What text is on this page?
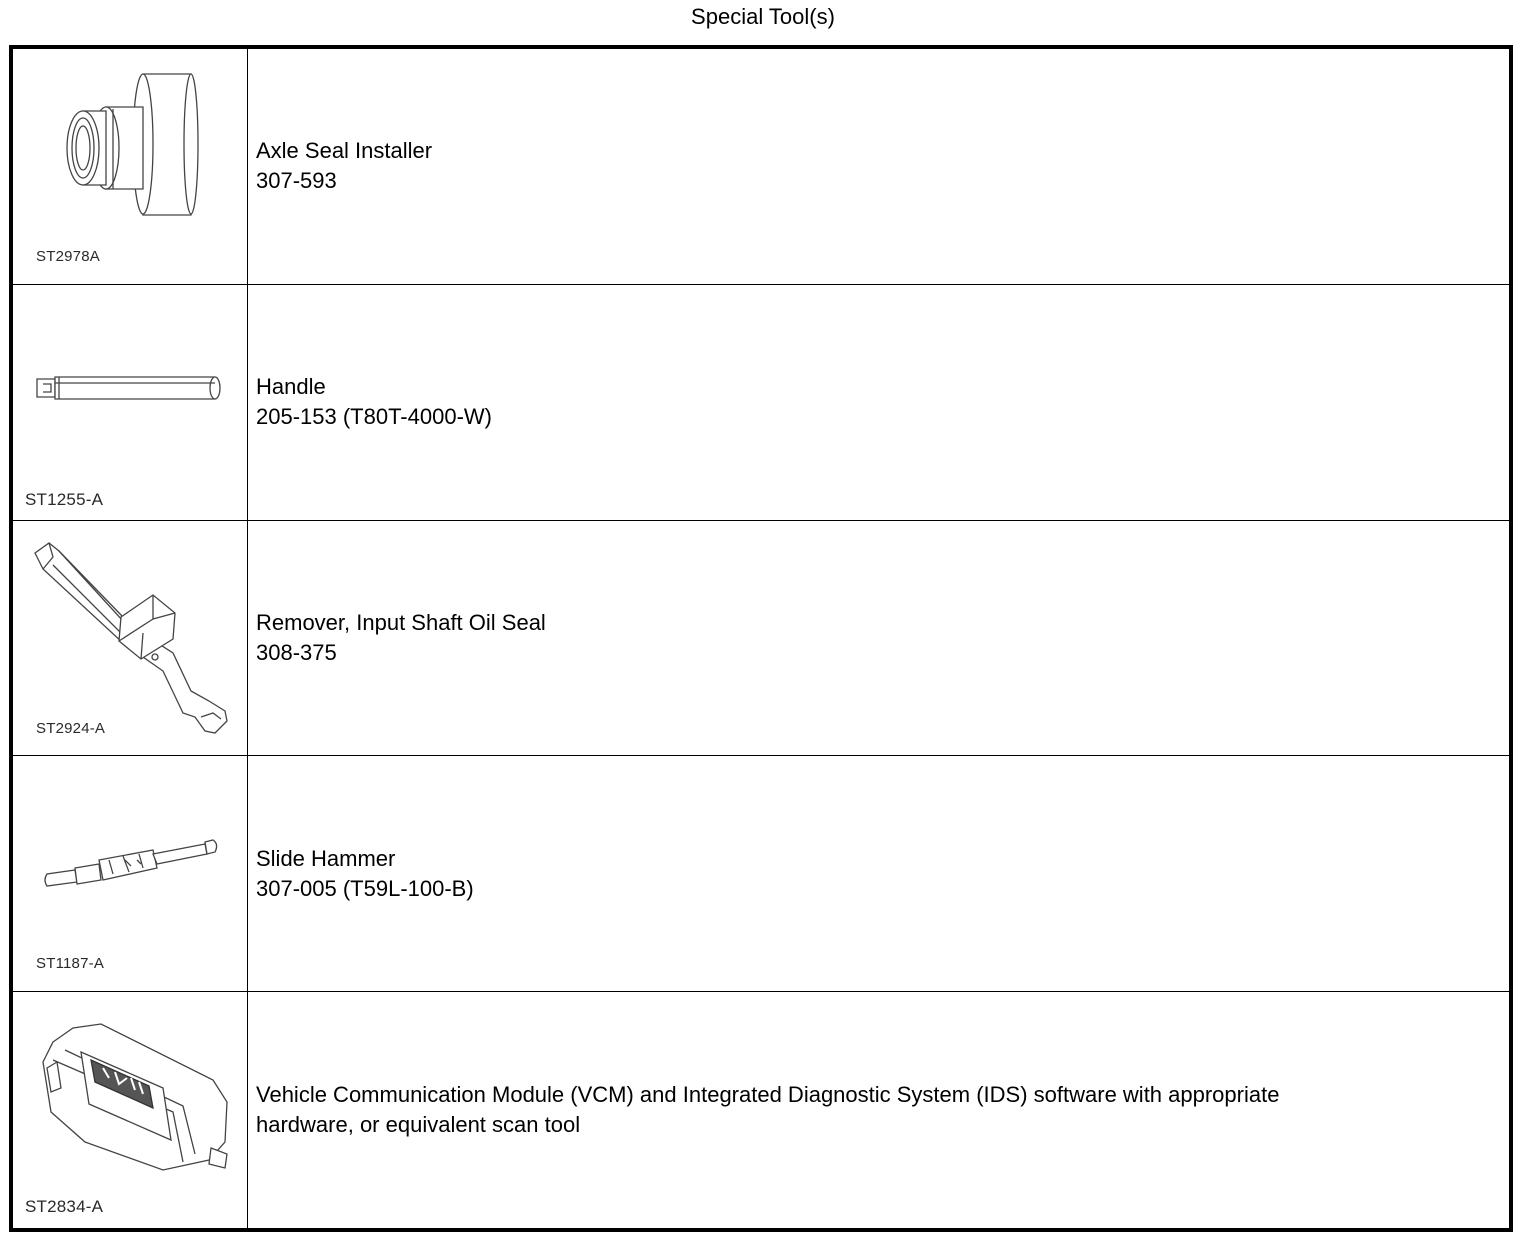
Special Tool(s)
ST2978A
Axle Seal Installer
307-593
ST1255-A
Handle
205-153 (T80T-4000-W)
ST2924-A
Remover, Input Shaft Oil Seal
308-375
ST1187-A
Slide Hammer
307-005 (T59L-100-B)
ST2834-A
Vehicle Communication Module (VCM) and Integrated Diagnostic System (IDS) software with appropriate
hardware, or equivalent scan tool
